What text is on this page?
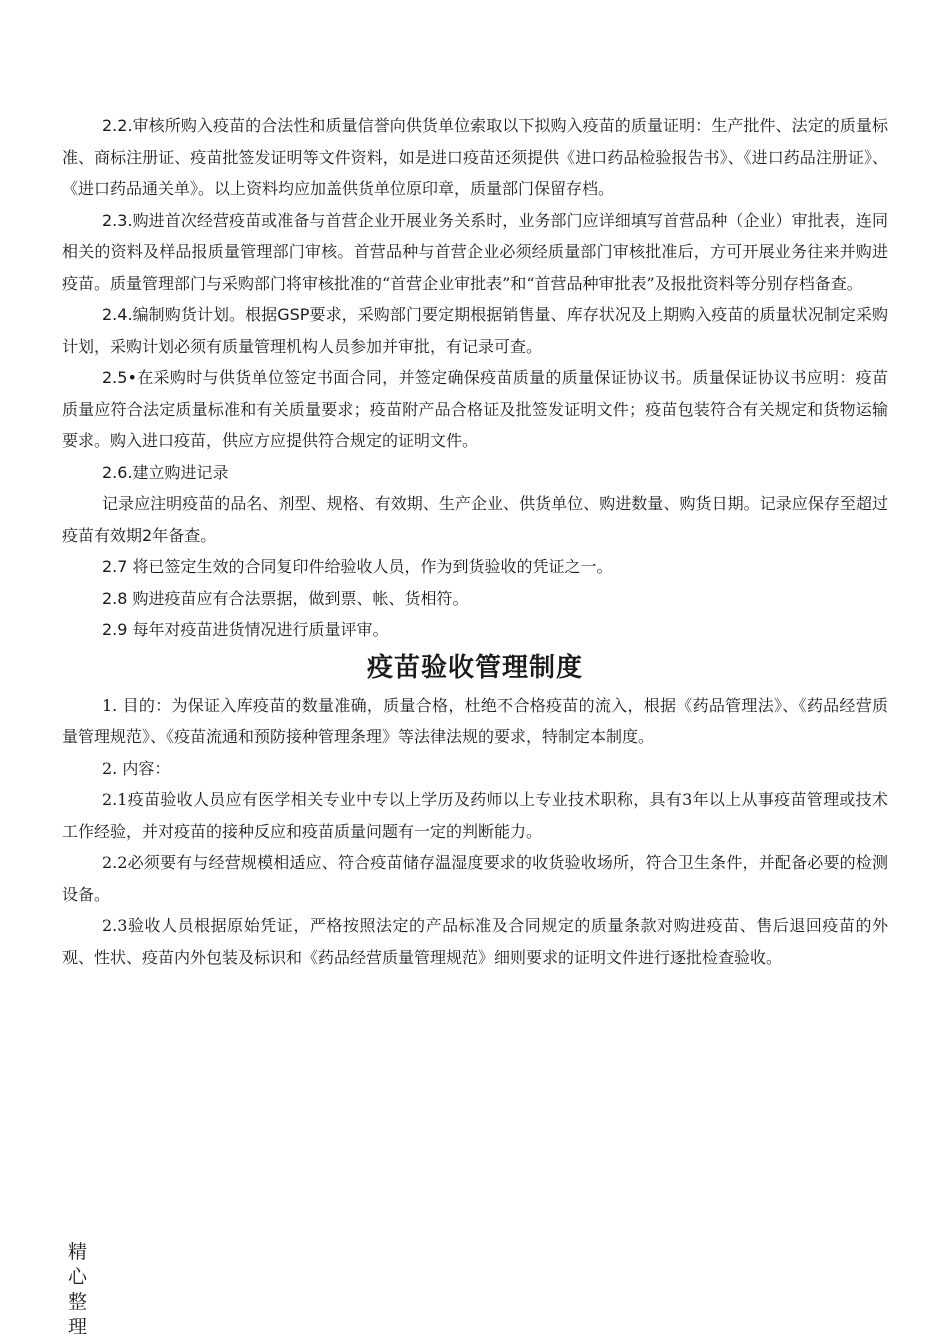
2.2.审核所购入疫苗的合法性和质量信誉向供货单位索取以下拟购入疫苗的质量证明：生产批件、法定的质量标准、商标注册证、疫苗批签发证明等文件资料，如是进口疫苗还须提供《进口药品检验报告书》、《进口药品注册证》、《进口药品通关单》。以上资料均应加盖供货单位原印章，质量部门保留存档。

2.3.购进首次经营疫苗或准备与首营企业开展业务关系时，业务部门应详细填写首营品种（企业）审批表，连同相关的资料及样品报质量管理部门审核。首营品种与首营企业必须经质量部门审核批准后，方可开展业务往来并购进疫苗。质量管理部门与采购部门将审核批准的“首营企业审批表”和“首营品种审批表”及报批资料等分别存档备查。

2.4.编制购货计划。根据GSP要求，采购部门要定期根据销售量、库存状况及上期购入疫苗的质量状况制定采购计划，采购计划必须有质量管理机构人员参加并审批，有记录可查。

2.5•在采购时与供货单位签定书面合同，并签定确保疫苗质量的质量保证协议书。质量保证协议书应明：疫苗质量应符合法定质量标准和有关质量要求；疫苗附产品合格证及批签发证明文件；疫苗包装符合有关规定和货物运输要求。购入进口疫苗，供应方应提供符合规定的证明文件。

2.6.建立购进记录

记录应注明疫苗的品名、剂型、规格、有效期、生产企业、供货单位、购进数量、购货日期。记录应保存至超过疫苗有效期2年备查。

2.7 将已签定生效的合同复印件给验收人员，作为到货验收的凭证之一。

2.8 购进疫苗应有合法票据，做到票、帐、货相符。

2.9 每年对疫苗进货情况进行质量评审。

疫苗验收管理制度

1. 目的：为保证入库疫苗的数量准确，质量合格，杜绝不合格疫苗的流入，根据《药品管理法》、《药品经营质量管理规范》、《疫苗流通和预防接种管理条理》等法律法规的要求，特制定本制度。

2. 内容：

2.1疫苗验收人员应有医学相关专业中专以上学历及药师以上专业技术职称，具有3年以上从事疫苗管理或技术工作经验，并对疫苗的接种反应和疫苗质量问题有一定的判断能力。

2.2必须要有与经营规模相适应、符合疫苗储存温湿度要求的收货验收场所，符合卫生条件，并配备必要的检测设备。

2.3验收人员根据原始凭证，严格按照法定的产品标准及合同规定的质量条款对购进疫苗、售后退回疫苗的外观、性状、疫苗内外包装及标识和《药品经营质量管理规范》细则要求的证明文件进行逐批检查验收。

精心整理
